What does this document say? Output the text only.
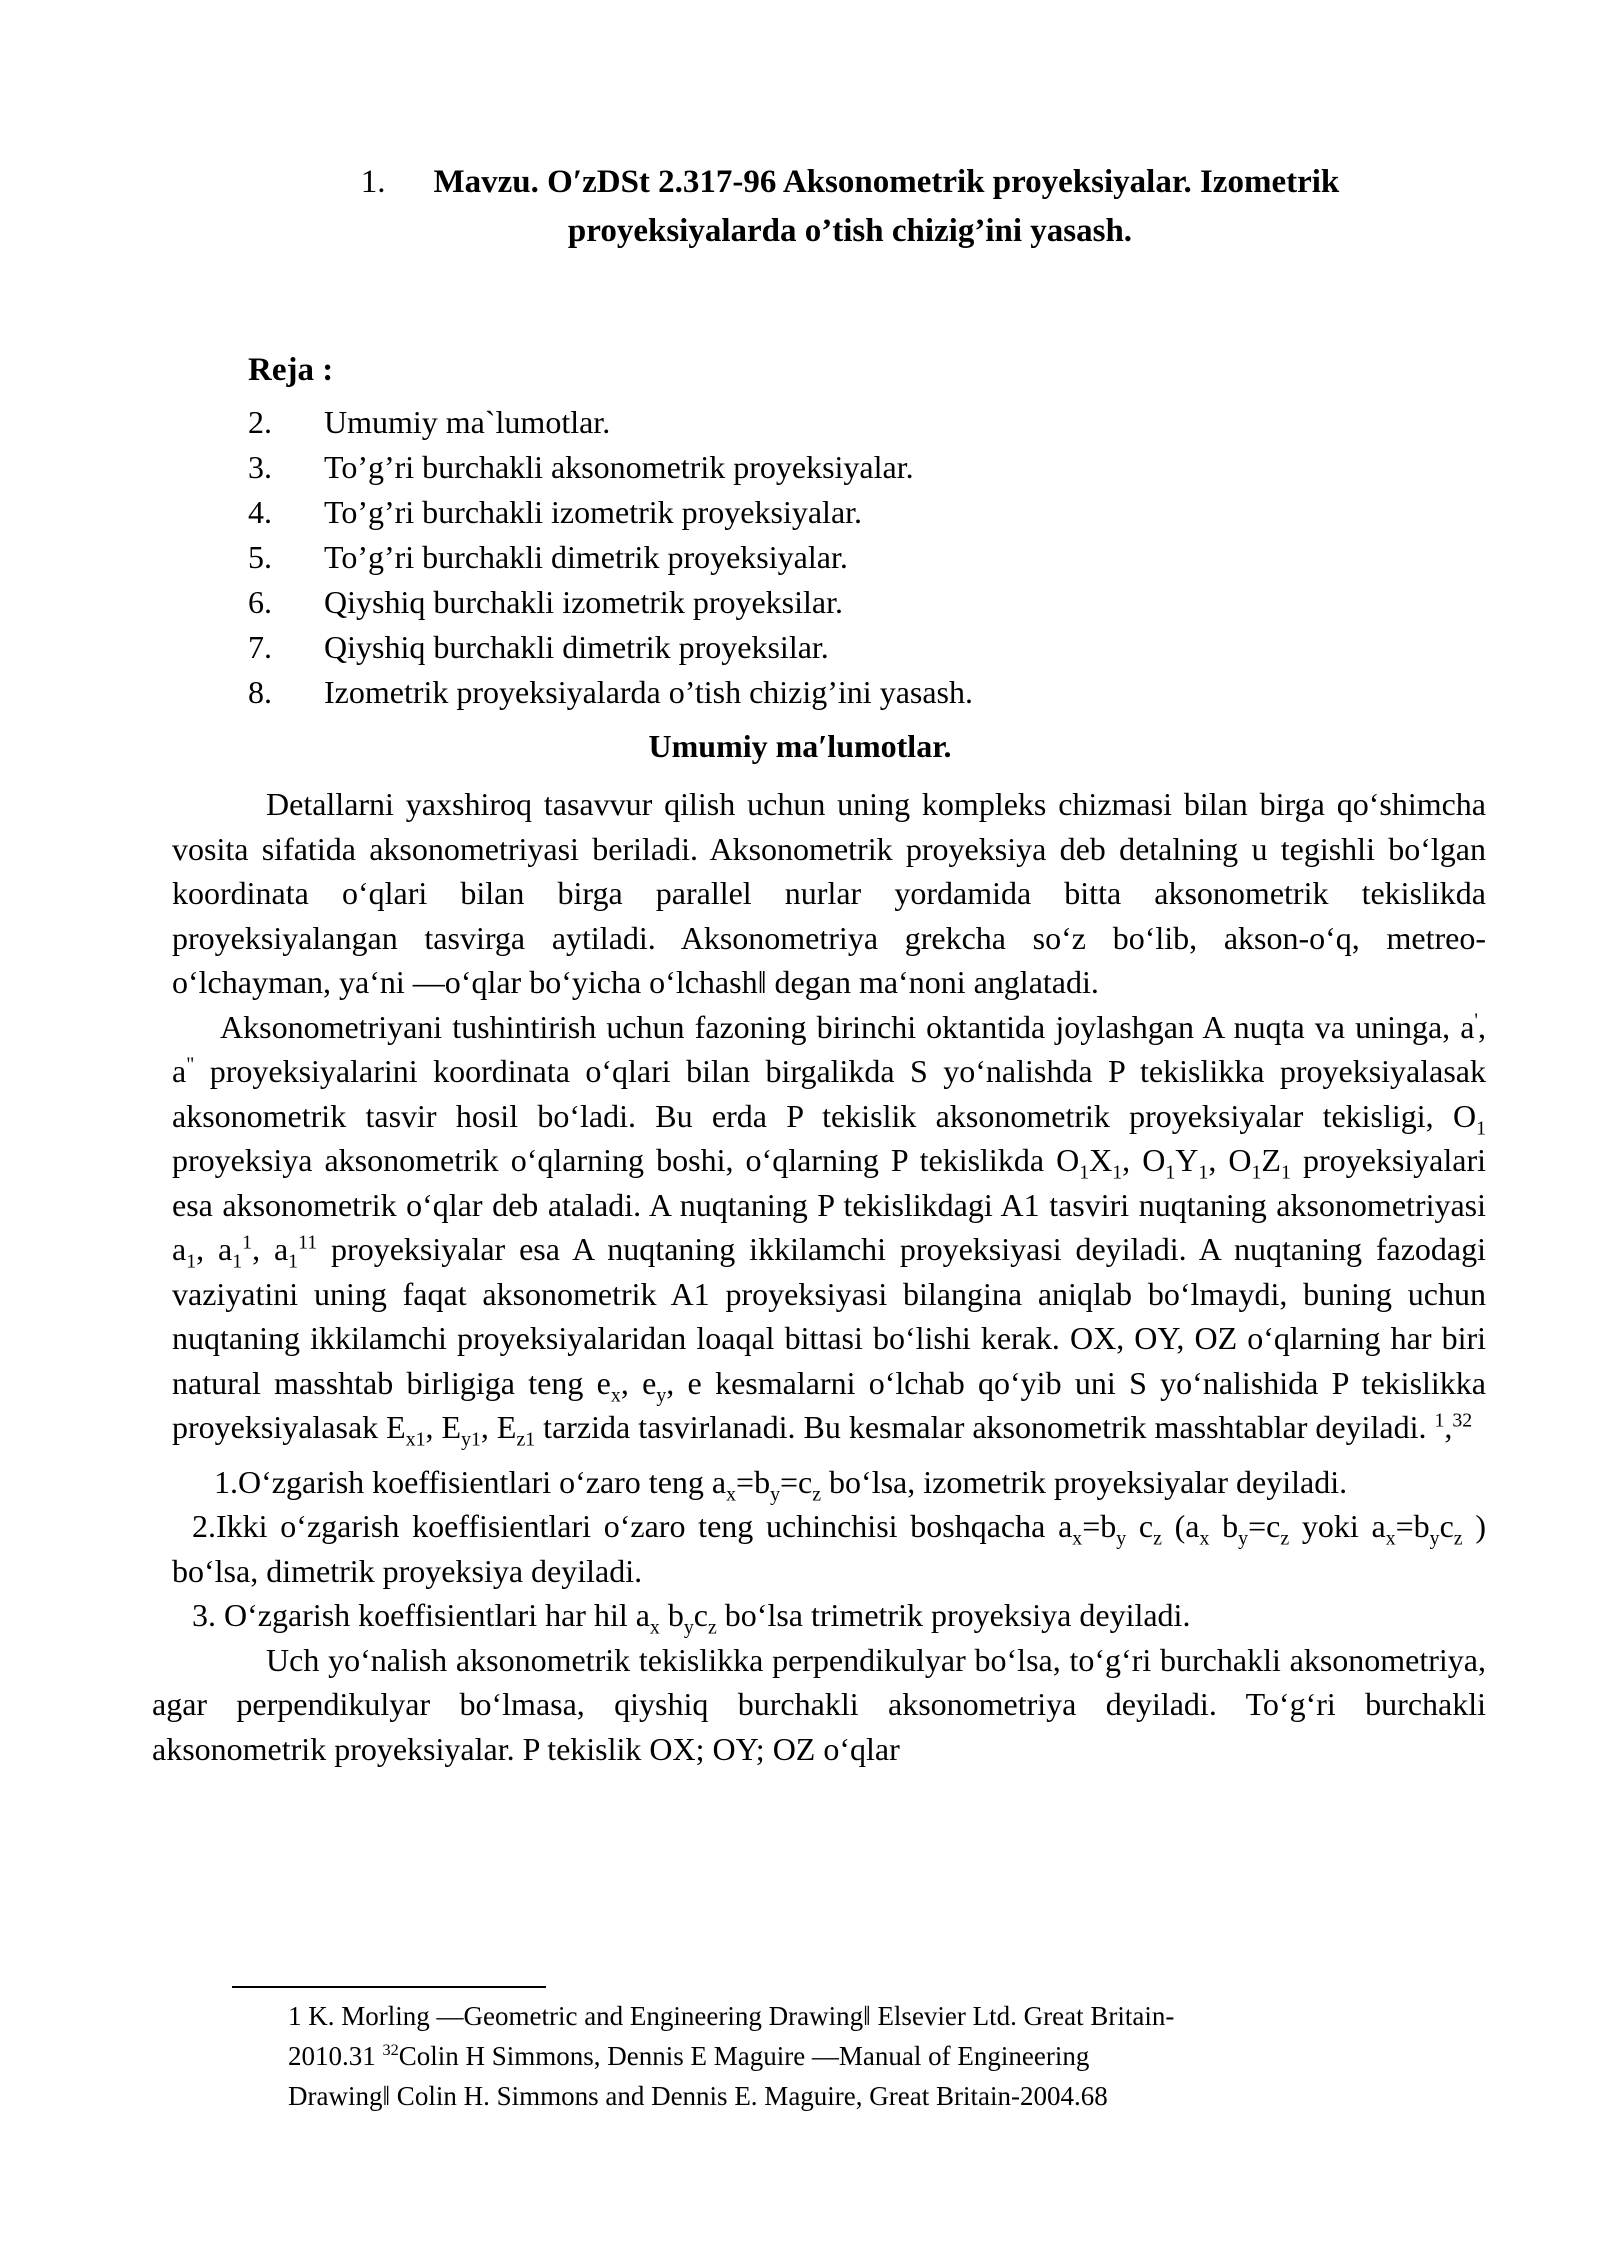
1. Mavzu. O′zDSt 2.317-96 Aksonometrik proyeksiyalar. Izometrik
proyeksiyalarda o’tish chizig’ini yasash.
Reja :
2.	Umumiy ma`lumotlar.
3.	To’g’ri burchakli aksonometrik proyeksiyalar.
4.	To’g’ri burchakli izometrik proyeksiyalar.
5.	To’g’ri burchakli dimetrik proyeksiyalar.
6.	Qiyshiq burchakli izometrik proyeksilar.
7.	Qiyshiq burchakli dimetrik proyeksilar.
8.	Izometrik proyeksiyalarda o’tish chizig’ini yasash.
Umumiy ma′lumotlar.

Detallarni yaxshiroq tasavvur qilish uchun uning kompleks chizmasi bilan birga qo‘shimcha vosita sifatida aksonometriyasi beriladi. Aksonometrik proyeksiya deb detalning u tegishli bo‘lgan koordinata o‘qlari bilan birga parallel nurlar yordamida bitta aksonometrik tekislikda proyeksiyalangan tasvirga aytiladi. Aksonometriya grekcha so‘z bo‘lib, akson-o‘q, metreo-o‘lchayman, ya‘ni —o‘qlar bo‘yicha o‘lchash‖ degan ma‘noni anglatadi.

Aksonometriyani tushintirish uchun fazoning birinchi oktantida joylashgan A nuqta va uninga, a', a" proyeksiyalarini koordinata o‘qlari bilan birgalikda S yo‘nalishda P tekislikka proyeksiyalasak aksonometrik tasvir hosil bo‘ladi. Bu erda P tekislik aksonometrik proyeksiyalar tekisligi, $O_1$ proyeksiya aksonometrik o‘qlarning boshi, o‘qlarning P tekislikda $O_1X_1$, $O_1Y_1$, $O_1Z_1$ proyeksiyalari esa aksonometrik o‘qlar deb ataladi. A nuqtaning P tekislikdagi A1 tasviri nuqtaning aksonometriyasi $a_1$, $a_1^1$, $a_1^{11}$ proyeksiyalar esa A nuqtaning ikkilamchi proyeksiyasi deyiladi. A nuqtaning fazodagi vaziyatini uning faqat aksonometrik A1 proyeksiyasi bilangina aniqlab bo‘lmaydi, buning uchun nuqtaning ikkilamchi proyeksiyalaridan loaqal bittasi bo‘lishi kerak. OX, OY, OZ o‘qlarning har biri natural masshtab birligiga teng $e_x$, $e_y$, e kesmalarni o‘lchab qo‘yib uni S yo‘nalishida P tekislikka proyeksiyalasak $E_{x1}$, $E_{y1}$, $E_{z1}$ tarzida tasvirlanadi. Bu kesmalar aksonometrik masshtablar deyiladi. $^1$,$^{32}$

1.O‘zgarish koeffisientlari o‘zaro teng $a_x=b_y=c_z$ bo‘lsa, izometrik proyeksiyalar deyiladi.

2.Ikki o‘zgarish koeffisientlari o‘zaro teng uchinchisi boshqacha $a_x=b_y$ $c_z$ ($a_x$ $b_y=c_z$ yoki $a_x=b_yc_z$ ) bo‘lsa, dimetrik proyeksiya deyiladi.

3. O‘zgarish koeffisientlari har hil $a_x$ $b_yc_z$ bo‘lsa trimetrik proyeksiya deyiladi.

Uch yo‘nalish aksonometrik tekislikka perpendikulyar bo‘lsa, to‘g‘ri burchakli aksonometriya, agar perpendikulyar bo‘lmasa, qiyshiq burchakli aksonometriya deyiladi. To‘g‘ri burchakli aksonometrik proyeksiyalar. P tekislik OX; OY; OZ o‘qlar

1 K. Morling —Geometric and Engineering Drawing‖ Elsevier Ltd. Great Britain-

2010.31 $^{32}$Colin H Simmons, Dennis E Maguire —Manual of Engineering

Drawing‖ Colin H. Simmons and Dennis E. Maguire, Great Britain-2004.68
